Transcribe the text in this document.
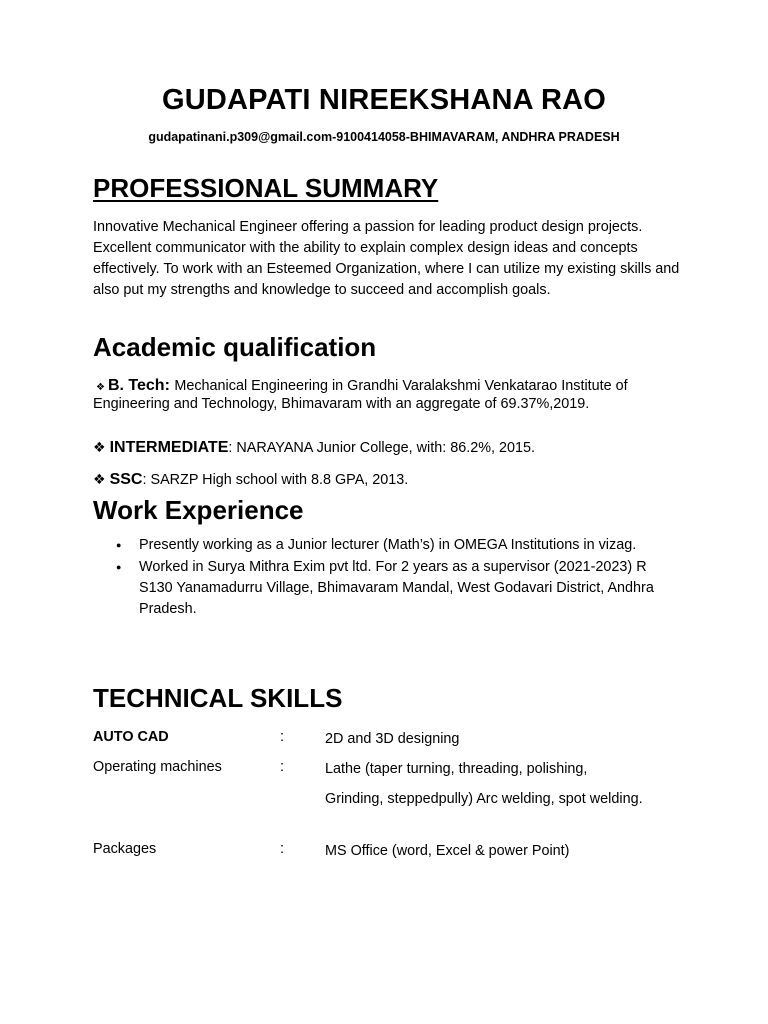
GUDAPATI NIREEKSHANA RAO
gudapatinani.p309@gmail.com-9100414058-BHIMAVARAM, ANDHRA PRADESH
PROFESSIONAL SUMMARY

Innovative Mechanical Engineer offering a passion for leading product design projects. Excellent communicator with the ability to explain complex design ideas and concepts effectively. To work with an Esteemed Organization, where I can utilize my existing skills and also put my strengths and knowledge to succeed and accomplish goals.

Academic qualification

❖ B. Tech: Mechanical Engineering in Grandhi Varalakshmi Venkatarao Institute of Engineering and Technology, Bhimavaram with an aggregate of 69.37%,2019.

❖ INTERMEDIATE: NARAYANA Junior College, with: 86.2%, 2015.

❖ SSC: SARZP High school with 8.8 GPA, 2013.

Work Experience
● Presently working as a Junior lecturer (Math’s) in OMEGA Institutions in vizag.
● Worked in Surya Mithra Exim pvt ltd. For 2 years as a supervisor (2021-2023) R S130 Yanamadurru Village, Bhimavaram Mandal, West Godavari District, Andhra Pradesh.
TECHNICAL SKILLS
AUTO CAD	:	2D and 3D designing
Operating machines	:	Lathe (taper turning, threading, polishing,
Grinding, steppedpully) Arc welding, spot welding.
Packages	:	MS Office (word, Excel & power Point)
